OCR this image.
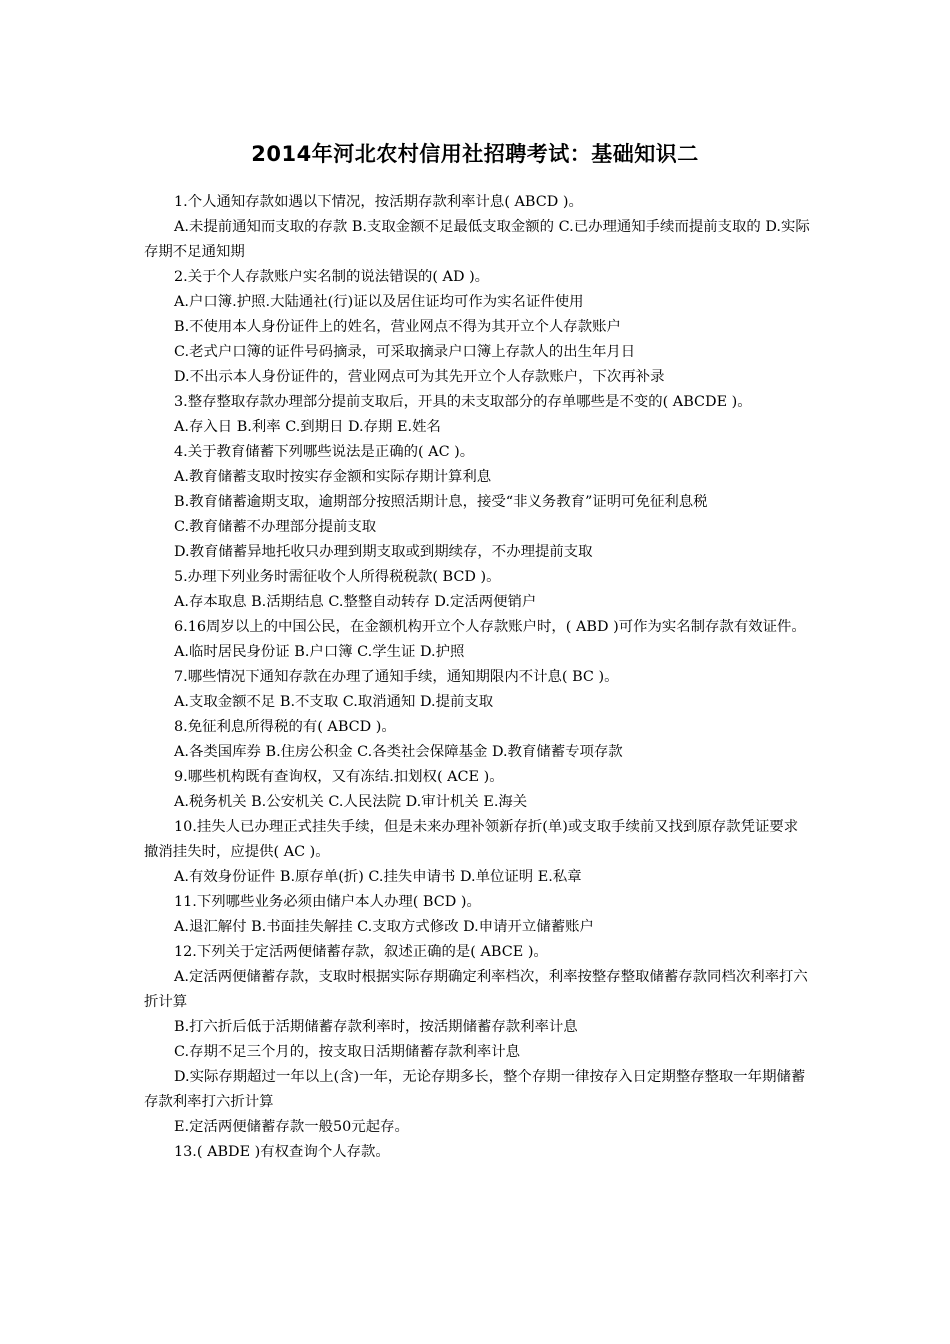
2014年河北农村信用社招聘考试：基础知识二

1.个人通知存款如遇以下情况，按活期存款利率计息( ABCD )。

A.未提前通知而支取的存款 B.支取金额不足最低支取金额的 C.已办理通知手续而提前支取的 D.实际存期不足通知期

2.关于个人存款账户实名制的说法错误的( AD )。

A.户口簿.护照.大陆通社(行)证以及居住证均可作为实名证件使用

B.不使用本人身份证件上的姓名，营业网点不得为其开立个人存款账户

C.老式户口簿的证件号码摘录，可采取摘录户口簿上存款人的出生年月日

D.不出示本人身份证件的，营业网点可为其先开立个人存款账户，下次再补录

3.整存整取存款办理部分提前支取后，开具的未支取部分的存单哪些是不变的( ABCDE )。

A.存入日 B.利率 C.到期日 D.存期 E.姓名

4.关于教育储蓄下列哪些说法是正确的( AC )。

A.教育储蓄支取时按实存金额和实际存期计算利息

B.教育储蓄逾期支取，逾期部分按照活期计息，接受“非义务教育”证明可免征利息税

C.教育储蓄不办理部分提前支取

D.教育储蓄异地托收只办理到期支取或到期续存，不办理提前支取

5.办理下列业务时需征收个人所得税税款( BCD )。

A.存本取息 B.活期结息 C.整整自动转存 D.定活两便销户

6.16周岁以上的中国公民，在金额机构开立个人存款账户时，( ABD )可作为实名制存款有效证件。

A.临时居民身份证 B.户口簿 C.学生证 D.护照

7.哪些情况下通知存款在办理了通知手续，通知期限内不计息( BC )。

A.支取金额不足 B.不支取 C.取消通知 D.提前支取

8.免征利息所得税的有( ABCD )。

A.各类国库券 B.住房公积金 C.各类社会保障基金 D.教育储蓄专项存款

9.哪些机构既有查询权，又有冻结.扣划权( ACE )。

A.税务机关 B.公安机关 C.人民法院 D.审计机关 E.海关

10.挂失人已办理正式挂失手续，但是未来办理补领新存折(单)或支取手续前又找到原存款凭证要求撤消挂失时，应提供( AC )。

A.有效身份证件 B.原存单(折) C.挂失申请书 D.单位证明 E.私章

11.下列哪些业务必须由储户本人办理( BCD )。

A.退汇解付 B.书面挂失解挂 C.支取方式修改 D.申请开立储蓄账户

12.下列关于定活两便储蓄存款，叙述正确的是( ABCE )。

A.定活两便储蓄存款，支取时根据实际存期确定利率档次，利率按整存整取储蓄存款同档次利率打六折计算

B.打六折后低于活期储蓄存款利率时，按活期储蓄存款利率计息

C.存期不足三个月的，按支取日活期储蓄存款利率计息

D.实际存期超过一年以上(含)一年，无论存期多长，整个存期一律按存入日定期整存整取一年期储蓄存款利率打六折计算

E.定活两便储蓄存款一般50元起存。

13.( ABDE )有权查询个人存款。
